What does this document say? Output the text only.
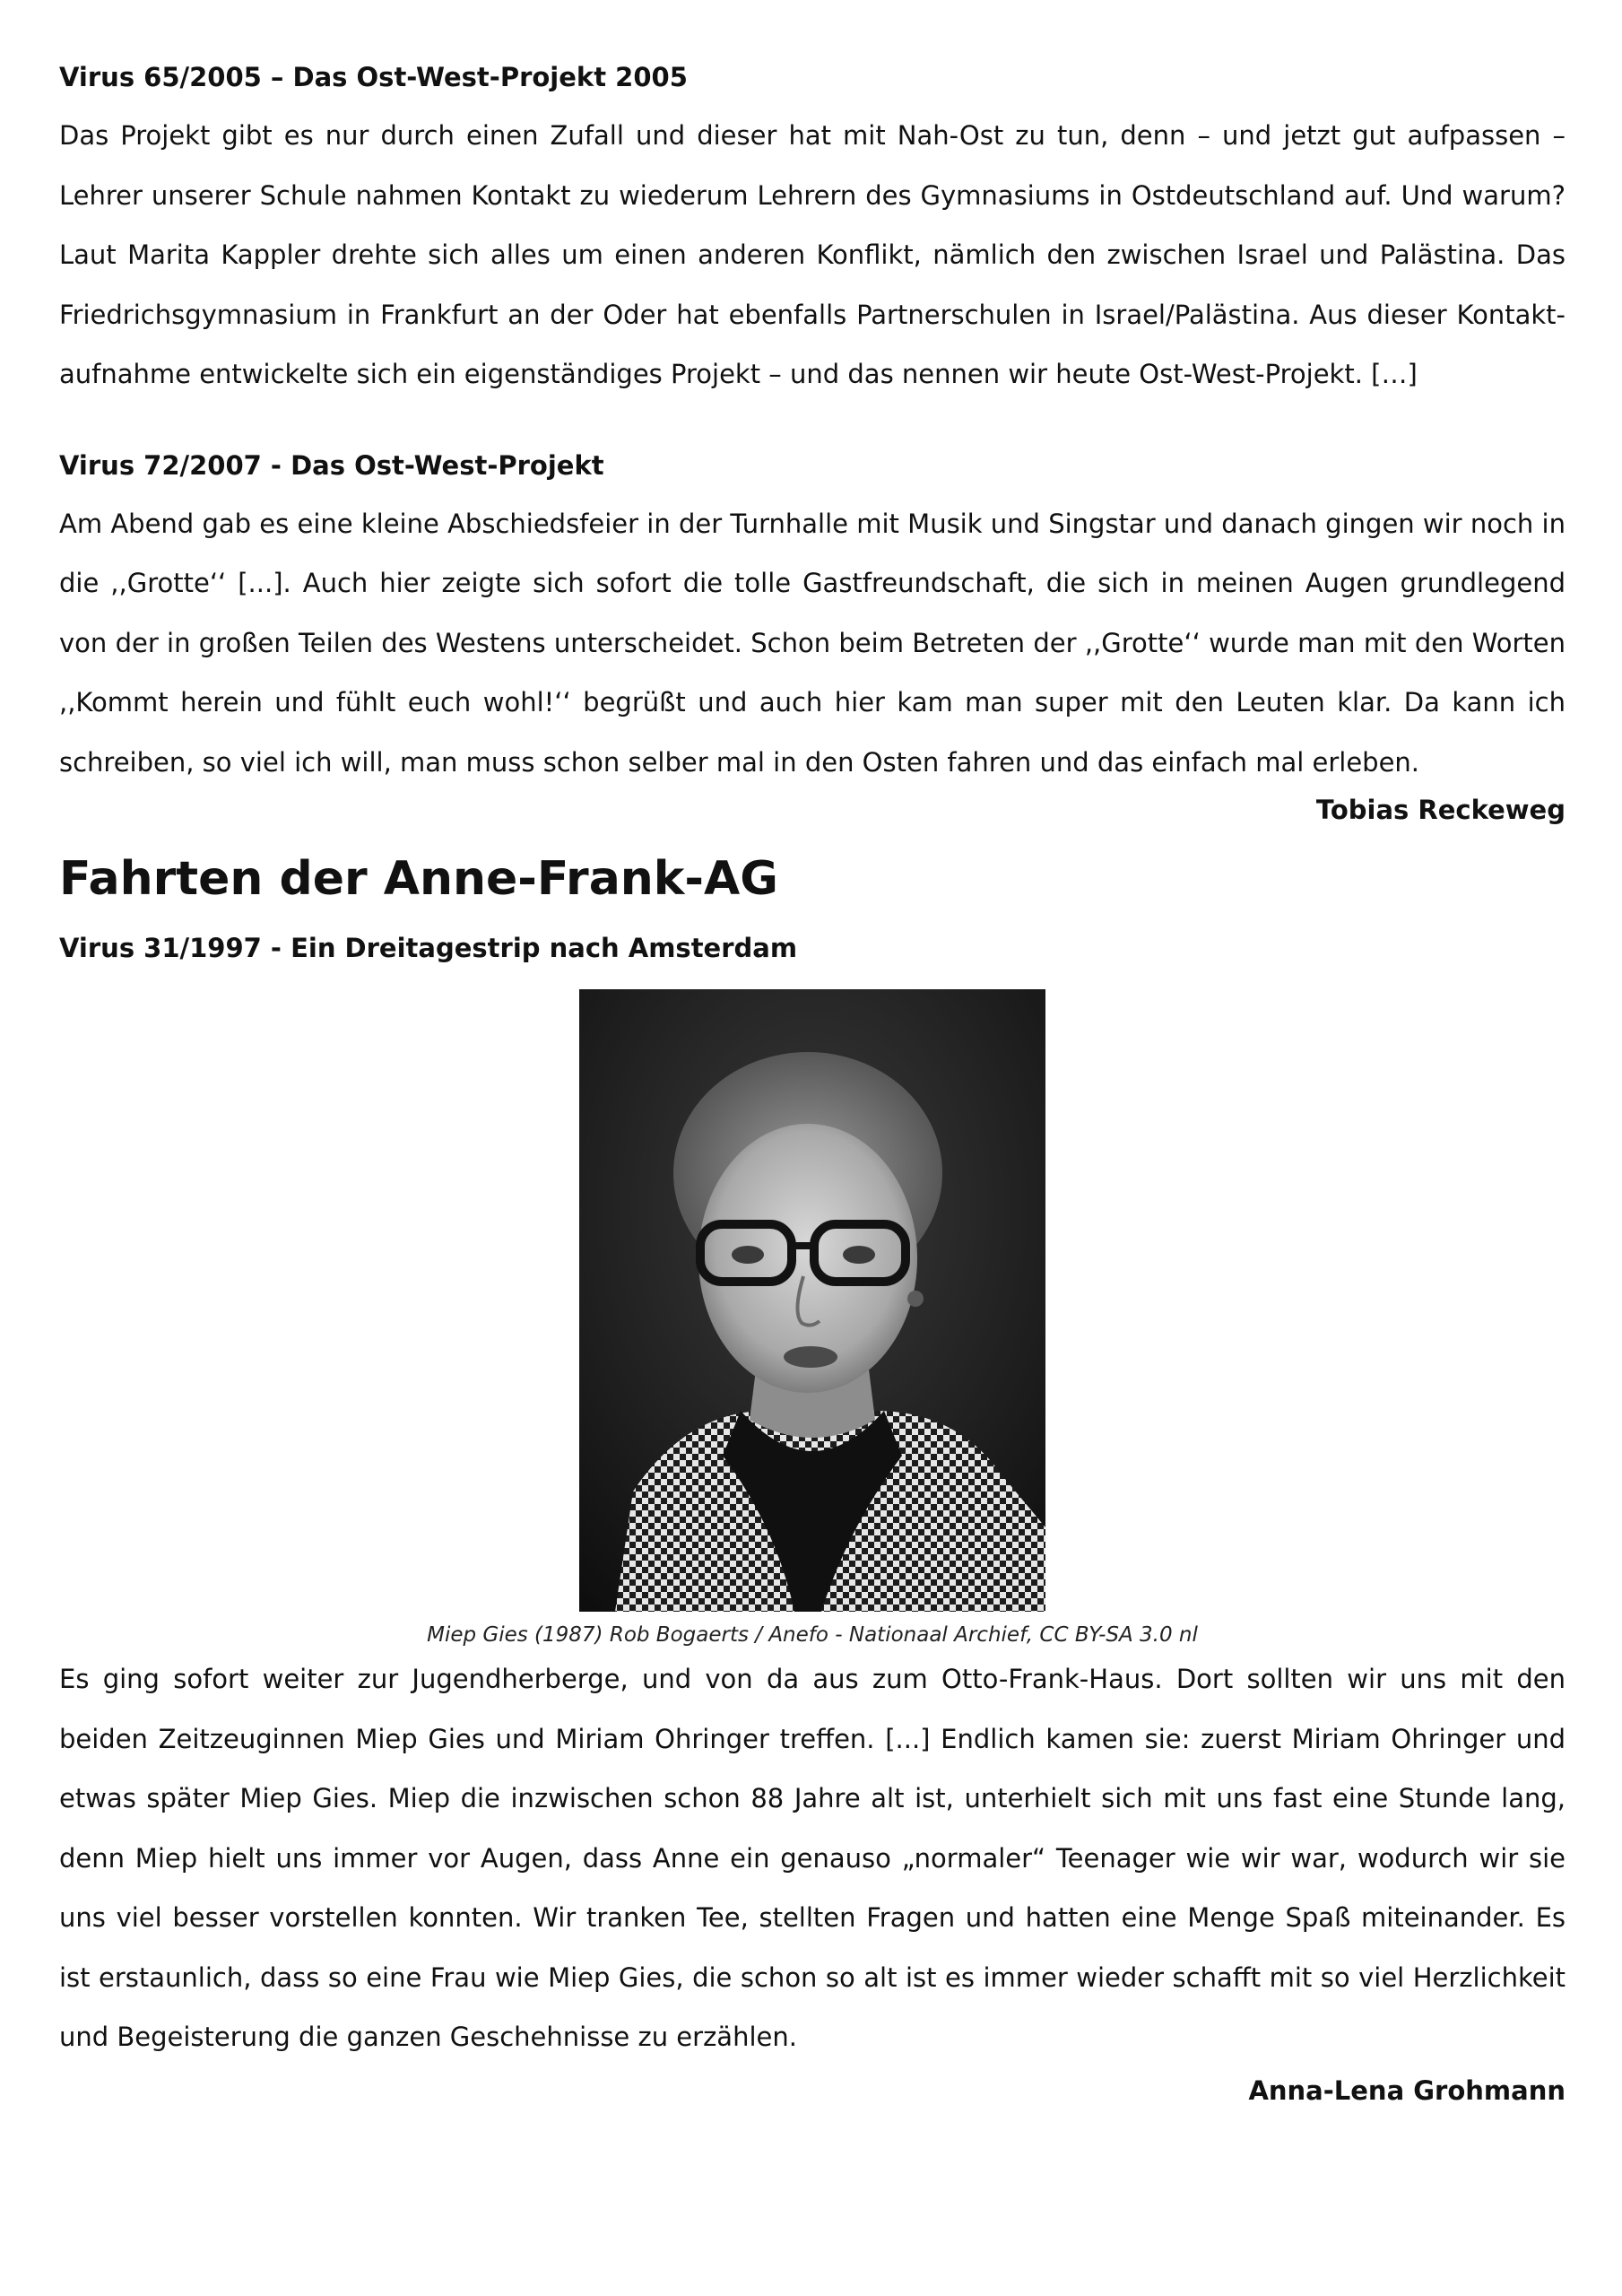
Virus 65/2005 – Das Ost-West-Projekt 2005

Das Projekt gibt es nur durch einen Zufall und dieser hat mit Nah-Ost zu tun, denn – und jetzt gut aufpassen – Lehrer unserer Schule nahmen Kontakt zu wiederum Lehrern des Gymnasiums in Ostdeutschland auf. Und warum? Laut Marita Kappler drehte sich alles um einen anderen Konflikt, nämlich den zwischen Israel und Palästina. Das Friedrichsgymnasium in Frankfurt an der Oder hat ebenfalls Partnerschulen in Israel/Palästina. Aus dieser Kontaktaufnahme entwickelte sich ein eigenständiges Projekt – und das nennen wir heute Ost-West-Projekt. […]

Virus 72/2007 - Das Ost-West-Projekt

Am Abend gab es eine kleine Abschiedsfeier in der Turnhalle mit Musik und Singstar und danach gingen wir noch in die ,,Grotte‘‘ [...]. Auch hier zeigte sich sofort die tolle Gastfreundschaft, die sich in meinen Augen grundlegend von der in großen Teilen des Westens unterscheidet. Schon beim Betreten der ,,Grotte‘‘ wurde man mit den Worten ,,Kommt herein und fühlt euch wohl!‘‘ begrüßt und auch hier kam man super mit den Leuten klar. Da kann ich schreiben, so viel ich will, man muss schon selber mal in den Osten fahren und das einfach mal erleben.

Tobias Reckeweg

Fahrten der Anne-Frank-AG

Virus 31/1997 - Ein Dreitagestrip nach Amsterdam

Miep Gies (1987) Rob Bogaerts / Anefo - Nationaal Archief, CC BY-SA 3.0 nl

Es ging sofort weiter zur Jugendherberge, und von da aus zum Otto-Frank-Haus. Dort sollten wir uns mit den beiden Zeitzeuginnen Miep Gies und Miriam Ohringer treffen. [...] Endlich kamen sie: zuerst Miriam Ohringer und etwas später Miep Gies. Miep die inzwischen schon 88 Jahre alt ist, unterhielt sich mit uns fast eine Stunde lang, denn Miep hielt uns immer vor Augen, dass Anne ein genauso „normaler“ Teenager wie wir war, wodurch wir sie uns viel besser vorstellen konnten. Wir tranken Tee, stellten Fragen und hatten eine Menge Spaß miteinander. Es ist erstaunlich, dass so eine Frau wie Miep Gies, die schon so alt ist es immer wieder schafft mit so viel Herzlichkeit und Begeisterung die ganzen Geschehnisse zu erzählen.

Anna-Lena Grohmann
